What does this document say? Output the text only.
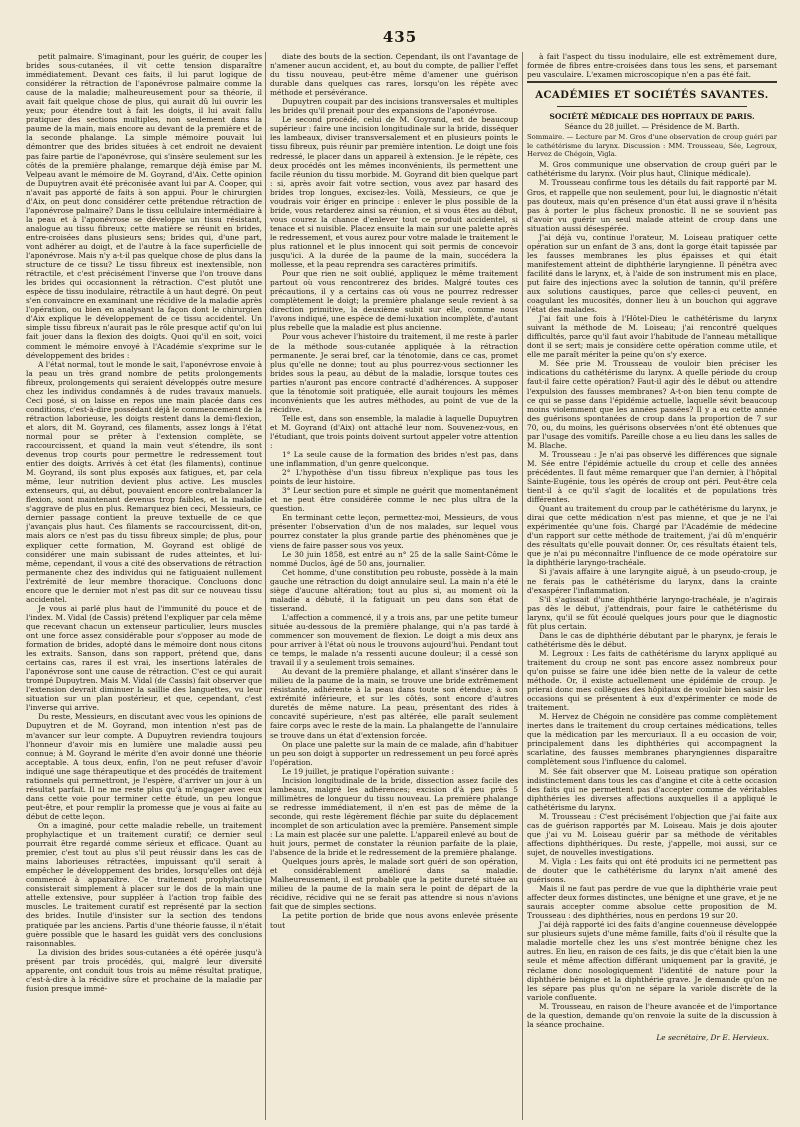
435

petit palmaire. S'imaginant, pour les guérir, de couper les brides sous-cutanées, il vit cette tension disparaître immédiatement. Devant ces faits, il lui parut logique de considérer la rétraction de l'aponévrose palmaire comme la cause de la maladie; malheureusement pour sa théorie, il avait fait quelque chose de plus, qui aurait dû lui ouvrir les yeux; pour étendre tout à fait les doigts, il lui avait fallu pratiquer des sections multiples, non seulement dans la paume de la main, mais encore au devant de la première et de la seconde phalange. La simple mémoire pouvait lui démontrer que des brides situées à cet endroit ne devaient pas faire partie de l'aponévrose, qui s'insère seulement sur les côtés de la première phalange, remarque déjà émise par M. Velpeau avant le mémoire de M. Goyrand, d'Aix. Cette opinion de Dupuytren avait été préconisée avant lui par A. Cooper, qui n'avait pas apporté de faits à son appui. Pour le chirurgien d'Aix, on peut donc considérer cette prétendue rétraction de l'aponévrose palmaire? Dans le tissu cellulaire intermédiaire à la peau et à l'aponévrose se développe un tissu résistant, analogue au tissu fibreux; cette matière se réunit en brides, entre-croisées dans plusieurs sens; brides qui, d'une part, vont adhérer au doigt, et de l'autre à la face superficielle de l'aponévrose. Mais n'y a-t-il pas quelque chose de plus dans la structure de ce tissu? Le tissu fibreux est inextensible, non rétractile, et c'est précisément l'inverse que l'on trouve dans les brides qui occasionnent la rétraction. C'est plutôt une espèce de tissu inodulaire, rétractile à un haut degré. On peut s'en convaincre en examinant une récidive de la maladie après l'opération, ou bien en analysant la façon dont le chirurgien d'Aix explique le développement de ce tissu accidentel. Un simple tissu fibreux n'aurait pas le rôle presque actif qu'on lui fait jouer dans la flexion des doigts. Quoi qu'il en soit, voici comment le mémoire envoyé à l'Académie s'exprime sur le développement des brides :

A l'état normal, tout le monde le sait, l'aponévrose envoie à la peau un très grand nombre de petits prolongements fibreux, prolongements qui seraient développés outre mesure chez les individus condamnés à de rudes travaux manuels. Ceci posé, si on laisse en repos une main placée dans ces conditions, c'est-à-dire possédant déjà le commencement de la rétraction laborieuse, les doigts restent dans la demi-flexion, et alors, dit M. Goyrand, ces filaments, assez longs à l'état normal pour se prêter à l'extension complète, se raccourcissent, et quand la main veut s'étendre, ils sont devenus trop courts pour permettre le redressement tout entier des doigts. Arrivés à cet état (les filaments), continue M. Goyrand, ils sont plus exposés aux fatigues, et, par cela même, leur nutrition devient plus active. Les muscles extenseurs, qui, au début, pouvaient encore contrebalancer la flexion, sont maintenant devenus trop faibles, et la maladie s'aggrave de plus en plus. Remarquez bien ceci, Messieurs, ce dernier passage contient la preuve textuelle de ce que j'avançais plus haut. Ces filaments se raccourcissent, dit-on, mais alors ce n'est pas du tissu fibreux simple; de plus, pour expliquer cette formation, M. Goyrand est obligé de considérer une main subissant de rudes atteintes, et lui-même, cependant, il vous a cité des observations de rétraction permanente chez des individus qui ne fatiguaient nullement l'extrémité de leur membre thoracique. Concluons donc encore que le dernier mot n'est pas dit sur ce nouveau tissu accidentel.

Je vous ai parlé plus haut de l'immunité du pouce et de l'index. M. Vidal (de Cassis) prétend l'expliquer par cela même que recevant chacun un extenseur particulier, leurs muscles ont une force assez considérable pour s'opposer au mode de formation de brides, adopté dans le mémoire dont nous citons les extraits. Sanson, dans son rapport, prétend que, dans certains cas, rares il est vrai, les insertions latérales de l'aponévrose sont une cause de rétraction. C'est ce qui aurait trompé Dupuytren. Mais M. Vidal (de Cassis) fait observer que l'extension devrait diminuer la saillie des languettes, vu leur situation sur un plan postérieur, et que, cependant, c'est l'inverse qui arrive.

Du reste, Messieurs, en discutant avec vous les opinions de Dupuytren et de M. Goyrand, mon intention n'est pas de m'avancer sur leur compte. A Dupuytren reviendra toujours l'honneur d'avoir mis en lumière une maladie aussi peu connue; à M. Goyrand le mérite d'en avoir donné une théorie acceptable. A tous deux, enfin, l'on ne peut refuser d'avoir indiqué une sage thérapeutique et des procédés de traitement rationnels qui permettront, je l'espère, d'arriver un jour à un résultat parfait. Il ne me reste plus qu'à m'engager avec eux dans cette voie pour terminer cette étude, un peu longue peut-être, et pour remplir la promesse que je vous ai faite au début de cette leçon.

On a imaginé, pour cette maladie rebelle, un traitement prophylactique et un traitement curatif; ce dernier seul pourrait être regardé comme sérieux et efficace. Quant au premier, c'est tout au plus s'il peut réussir dans les cas de mains laborieuses rétractées, impuissant qu'il serait à empêcher le développement des brides, lorsqu'elles ont déjà commencé à apparaître. Ce traitement prophylactique consisterait simplement à placer sur le dos de la main une attelle extensive, pour suppléer à l'action trop faible des muscles. Le traitement curatif est représenté par la section des brides. Inutile d'insister sur la section des tendons pratiquée par les anciens. Partis d'une théorie fausse, il n'était guère possible que le hasard les guidât vers des conclusions raisonnables.

La division des brides sous-cutanées a été opérée jusqu'à présent par trois procédés, qui, malgré leur diversité apparente, ont conduit tous trois au même résultat pratique, c'est-à-dire à la récidive sûre et prochaine de la maladie par fusion presque immé-

diate des bouts de la section. Cependant, ils ont l'avantage de n'amener aucun accident, et, au bout du compte, de pallier l'effet du tissu nouveau, peut-être même d'amener une guérison durable dans quelques cas rares, lorsqu'on les répète avec méthode et persévérance.

Dupuytren coupait par des incisions transversales et multiples les brides qu'il prenait pour des expansions de l'aponévrose.

Le second procédé, celui de M. Goyrand, est de beaucoup supérieur : faire une incision longitudinale sur la bride, disséquer les lambeaux, diviser transversalement et en plusieurs points le tissu fibreux, puis réunir par première intention. Le doigt une fois redressé, le placer dans un appareil à extension. Je le répète, ces deux procédés ont les mêmes inconvénients, ils permettent une facile réunion du tissu morbide. M. Goyrand dit bien quelque part : si, après avoir fait votre section, vous avez par hasard des brides trop longues, excisez-les. Voilà, Messieurs, ce que je voudrais voir ériger en principe : enlever le plus possible de la bride, vous retarderez ainsi sa réunion, et si vous êtes au début, vous courez la chance d'enlever tout ce produit accidentel, si tenace et si nuisible. Placez ensuite la main sur une palette après le redressement, et vous aurez pour votre malade le traitement le plus rationnel et le plus innocent qui soit permis de concevoir jusqu'ici. A la durée de la paume de la main, succédera la mollesse, et la peau reprendra ses caractères primitifs.

Pour que rien ne soit oublié, appliquez le même traitement partout où vous rencontrerez des brides. Malgré toutes ces précautions, il y a certains cas où vous ne pourrez redresser complètement le doigt; la première phalange seule revient à sa direction primitive, la deuxième subit sur elle, comme nous l'avons indiqué, une espèce de demi-luxation incomplète, d'autant plus rebelle que la maladie est plus ancienne.

Pour vous achever l'histoire du traitement, il me reste à parler de la méthode sous-cutanée appliquée à la rétraction permanente. Je serai bref, car la ténotomie, dans ce cas, promet plus qu'elle ne donne; tout au plus pourrez-vous sectionner les brides sous la peau, au début de la maladie, lorsque toutes ces parties n'auront pas encore contracté d'adhérences. A supposer que la ténotomie soit pratiquée, elle aurait toujours les mêmes inconvénients que les autres méthodes, au point de vue de la récidive.

Telle est, dans son ensemble, la maladie à laquelle Dupuytren et M. Goyrand (d'Aix) ont attaché leur nom. Souvenez-vous, en l'étudiant, que trois points doivent surtout appeler votre attention :

1° La seule cause de la formation des brides n'est pas, dans une inflammation, d'un genre quelconque.

2° L'hypothèse d'un tissu fibreux n'explique pas tous les points de leur histoire.

3° Leur section pure et simple ne guérit que momentanément et ne peut être considérée comme le nec plus ultra de la question.

En terminant cette leçon, permettez-moi, Messieurs, de vous présenter l'observation d'un de nos malades, sur lequel vous pourrez constater la plus grande partie des phénomènes que je viens de faire passer sous vos yeux.

Le 30 juin 1858, est entré au n° 25 de la salle Saint-Côme le nommé Duclos, âgé de 50 ans, journalier.

Cet homme, d'une constitution peu robuste, possède à la main gauche une rétraction du doigt annulaire seul. La main n'a été le siège d'aucune altération; tout au plus si, au moment où la maladie a débuté, il la fatiguait un peu dans son état de tisserand.

L'affection a commencé, il y a trois ans, par une petite tumeur située au-dessous de la première phalange, qui n'a pas tardé à commencer son mouvement de flexion. Le doigt a mis deux ans pour arriver à l'état où nous le trouvons aujourd'hui. Pendant tout ce temps, le malade n'a ressenti aucune douleur; il a cessé son travail il y a seulement trois semaines.

Au devant de la première phalange, et allant s'insérer dans le milieu de la paume de la main, se trouve une bride extrêmement résistante, adhérente à la peau dans toute son étendue; à son extrémité inférieure, et sur les côtés, sont encore d'autres duretés de même nature. La peau, présentant des rides à concavité supérieure, n'est pas altérée, elle paraît seulement faire corps avec le reste de la main. La phalangette de l'annulaire se trouve dans un état d'extension forcée.

On place une palette sur la main de ce malade, afin d'habituer un peu son doigt à supporter un redressement un peu forcé après l'opération.

Le 19 juillet, je pratique l'opération suivante :

Incision longitudinale de la bride, dissection assez facile des lambeaux, malgré les adhérences; excision d'à peu près 5 millimètres de longueur du tissu nouveau. La première phalange se redresse immédiatement, il n'en est pas de même de la seconde, qui reste légèrement fléchie par suite du déplacement incomplet de son articulation avec la première. Pansement simple : La main est placée sur une palette. L'appareil enlevé au bout de huit jours, permet de constater la réunion parfaite de la plaie, l'absence de la bride et le redressement de la première phalange.

Quelques jours après, le malade sort guéri de son opération, et considérablement amélioré dans sa maladie. Malheureusement, il est probable que la petite dureté située au milieu de la paume de la main sera le point de départ de la récidive, récidive qui ne se ferait pas attendre si nous n'avions fait que de simples sections.

La petite portion de bride que nous avons enlevée présente tout

à fait l'aspect du tissu inodulaire, elle est extrêmement dure, formée de fibres entre-croisées dans tous les sens, et parsemant peu vasculaire. L'examen microscopique n'en a pas été fait.

ACADÉMIES ET SOCIÉTÉS SAVANTES.
SOCIÉTÉ MÉDICALE DES HOPITAUX DE PARIS.
Séance du 28 juillet. — Présidence de M. Barth.
Sommaire. — Lecture par M. Gros d'une observation de croup guéri par le cathétérisme du larynx. Discussion : MM. Trousseau, Sée, Legroux, Hervez de Chégoin, Vigla.

M. Gros communique une observation de croup guéri par le cathétérisme du larynx. (Voir plus haut, Clinique médicale).

M. Trousseau confirme tous les détails du fait rapporté par M. Gros, et rappelle que non seulement, pour lui, le diagnostic n'était pas douteux, mais qu'en présence d'un état aussi grave il n'hésita pas à porter le plus fâcheux pronostic. Il ne se souvient pas d'avoir vu guérir un seul malade atteint de croup dans une situation aussi désespérée.

J'ai déjà vu, continue l'orateur, M. Loiseau pratiquer cette opération sur un enfant de 3 ans, dont la gorge était tapissée par les fausses membranes les plus épaisses et qui était manifestement atteint de diphthérie laryngienne. Il pénétra avec facilité dans le larynx, et, à l'aide de son instrument mis en place, put faire des injections avec la solution de tannin, qu'il préfère aux solutions caustiques, parce que celles-ci peuvent, en coagulant les mucosités, donner lieu à un bouchon qui aggrave l'état des malades.

J'ai fait une fois à l'Hôtel-Dieu le cathétérisme du larynx suivant la méthode de M. Loiseau; j'ai rencontré quelques difficultés, parce qu'il faut avoir l'habitude de l'anneau métallique dont il se sert; mais je considère cette opération comme utile, et elle me paraît mériter la peine qu'on s'y exerce.

M. Sée prie M. Trousseau de vouloir bien préciser les indications du cathétérisme du larynx. A quelle période du croup faut-il faire cette opération? Faut-il agir dès le début ou attendre l'expulsion des fausses membranes? A-t-on bien tenu compte de ce qui se passe dans l'épidémie actuelle, laquelle sévit beaucoup moins violemment que les années passées? Il y a eu cette année des guérisons spontanées de croup dans la proportion de 7 sur 70, ou, du moins, les guérisons observées n'ont été obtenues que par l'usage des vomitifs. Pareille chose a eu lieu dans les salles de M. Blache.

M. Trousseau : Je n'ai pas observé les différences que signale M. Sée entre l'épidémie actuelle du croup et celle des années précédentes. Il faut même remarquer que l'an dernier, à l'hôpital Sainte-Eugénie, tous les opérés de croup ont péri. Peut-être cela tient-il à ce qu'il s'agit de localités et de populations très différentes.

Quant au traitement du croup par le cathétérisme du larynx, je dirai que cette médication n'est pas mienne, et que je ne l'ai expérimentée qu'une fois. Chargé par l'Académie de médecine d'un rapport sur cette méthode de traitement, j'ai dû m'enquérir des résultats qu'elle pouvait donner. Or, ces résultats étaient tels, que je n'ai pu méconnaître l'influence de ce mode opératoire sur la diphthérie laryngo-trachéale.

Si j'avais affaire à une laryngite aiguë, à un pseudo-croup, je ne ferais pas le cathétérisme du larynx, dans la crainte d'exaspérer l'inflammation.

S'il s'agissait d'une diphthérie laryngo-trachéale, je n'agirais pas dès le début, j'attendrais, pour faire le cathétérisme du larynx, qu'il se fût écoulé quelques jours pour que le diagnostic fût plus certain.

Dans le cas de diphthérie débutant par le pharynx, je ferais le cathétérisme dès le début.

M. Legroux : Les faits de cathétérisme du larynx appliqué au traitement du croup ne sont pas encore assez nombreux pour qu'on puisse se faire une idée bien nette de la valeur de cette méthode. Or, il existe actuellement une épidémie de croup. Je prierai donc mes collègues des hôpitaux de vouloir bien saisir les occasions qui se présentent à eux d'expérimenter ce mode de traitement.

M. Hervez de Chégoin ne considère pas comme complètement inertes dans le traitement du croup certaines médications, telles que la médication par les mercuriaux. Il a eu occasion de voir, principalement dans les diphthéries qui accompagnent la scarlatine, des fausses membranes pharyngiennes disparaître complètement sous l'influence du calomel.

M. Sée fait observer que M. Loiseau pratique son opération indistinctement dans tous les cas d'angine et cite à cette occasion des faits qui ne permettent pas d'accepter comme de véritables diphthéries les diverses affections auxquelles il a appliqué le cathétérisme du larynx.

M. Trousseau : C'est précisément l'objection que j'ai faite aux cas de guérison rapportés par M. Loiseau. Mais je dois ajouter que j'ai vu M. Loiseau guérir par sa méthode de véritables affections diphthériques. Du reste, j'appelle, moi aussi, sur ce sujet, de nouvelles investigations.

M. Vigla : Les faits qui ont été produits ici ne permettent pas de douter que le cathétérisme du larynx n'ait amené des guérisons.

Mais il ne faut pas perdre de vue que la diphthérie vraie peut affecter deux formes distinctes, une bénigne et une grave, et je ne saurais accepter comme absolue cette proposition de M. Trousseau : des diphthéries, nous en perdons 19 sur 20.

J'ai déjà rapporté ici des faits d'angine couenneuse développée sur plusieurs sujets d'une même famille, faits d'où il résulte que la maladie mortelle chez les uns s'est montrée bénigne chez les autres. En lieu, en raison de ces faits, je dis que c'était bien la une seule et même affection différant uniquement par la gravité, je réclame donc nosologiquement l'identité de nature pour la diphthérie bénigne et la diphthérie grave. Je demande qu'on ne les sépare pas plus qu'on ne sépare la variole discrète de la variole confluente.

M. Trousseau, en raison de l'heure avancée et de l'importance de la question, demande qu'on renvoie la suite de la discussion à la séance prochaine.

Le secrétaire, Dr E. Hervieux.
